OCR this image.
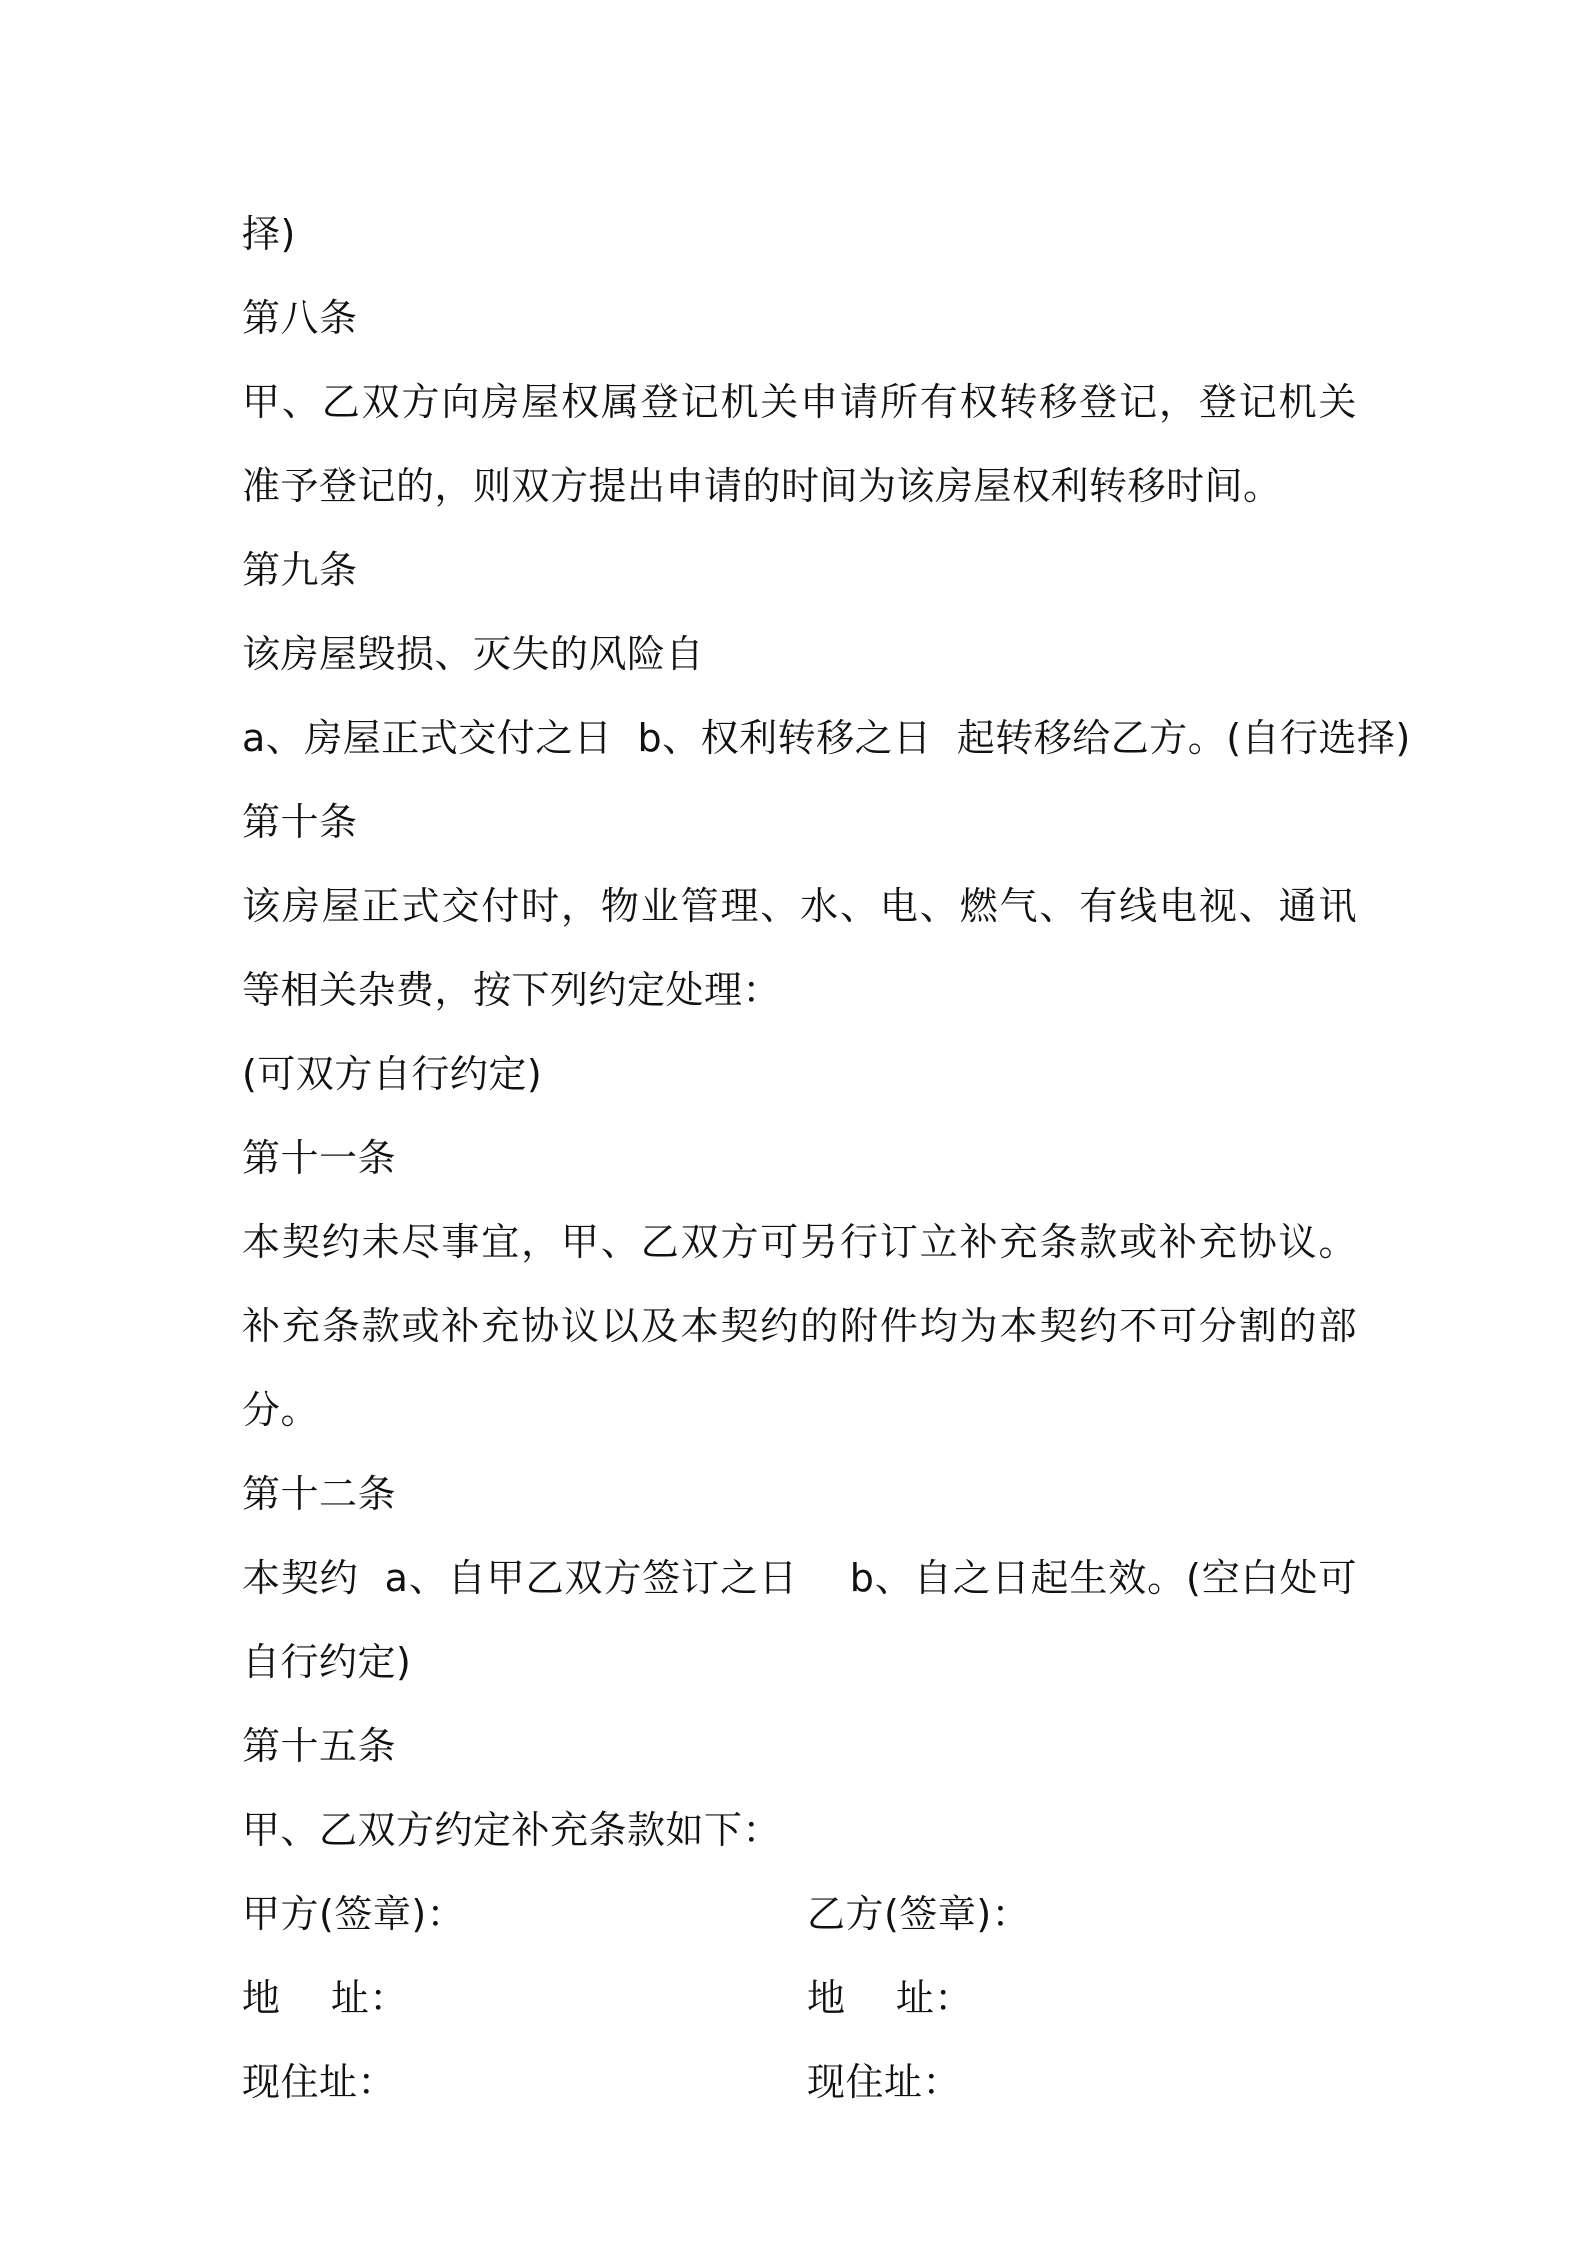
择)
第八条

甲、乙双方向房屋权属登记机关申请所有权转移登记，登记机关准予登记的，则双方提出申请的时间为该房屋权利转移时间。

第九条
该房屋毁损、灭失的风险自
a、房屋正式交付之日  b、权利转移之日  起转移给乙方。(自行选择)
第十条

该房屋正式交付时，物业管理、水、电、燃气、有线电视、通讯等相关杂费，按下列约定处理：

(可双方自行约定)
第十一条

本契约未尽事宜，甲、乙双方可另行订立补充条款或补充协议。补充条款或补充协议以及本契约的附件均为本契约不可分割的部分。

第十二条

本契约  a、自甲乙双方签订之日    b、自之日起生效。(空白处可自行约定)

第十五条
甲、乙双方约定补充条款如下：
甲方(签章)：	乙方(签章)：
地    址：	地    址：
现住址：	现住址：
